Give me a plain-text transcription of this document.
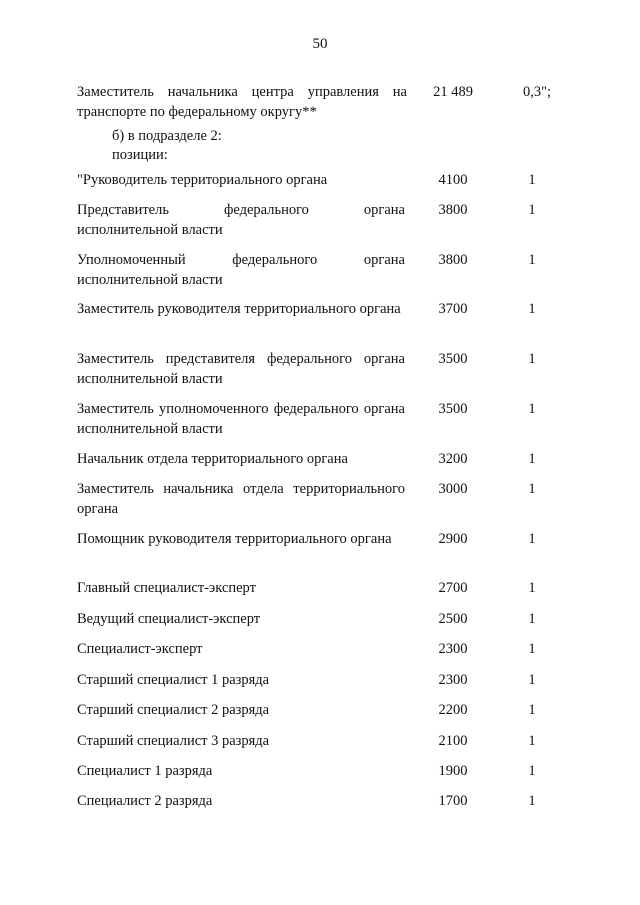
50
Заместитель начальника центра управления на транспорте по федеральному округу**
21 489	0,3";
б) в подразделе 2:
позиции:
"Руководитель территориального органа	4100	1
Представитель федерального органа исполнительной власти
3800	1
Уполномоченный федерального органа исполнительной власти
3800	1
Заместитель руководителя территориального органа	3700	1
Заместитель представителя федерального органа исполнительной власти
3500	1
Заместитель уполномоченного федерального органа исполнительной власти
3500	1
Начальник отдела территориального органа	3200	1
Заместитель начальника отдела территориального органа
3000	1
Помощник руководителя территориального органа	2900	1
Главный специалист-эксперт	2700	1
Ведущий специалист-эксперт	2500	1
Специалист-эксперт	2300	1
Старший специалист 1 разряда	2300	1
Старший специалист 2 разряда	2200	1
Старший специалист 3 разряда	2100	1
Специалист 1 разряда	1900	1
Специалист 2 разряда	1700	1
